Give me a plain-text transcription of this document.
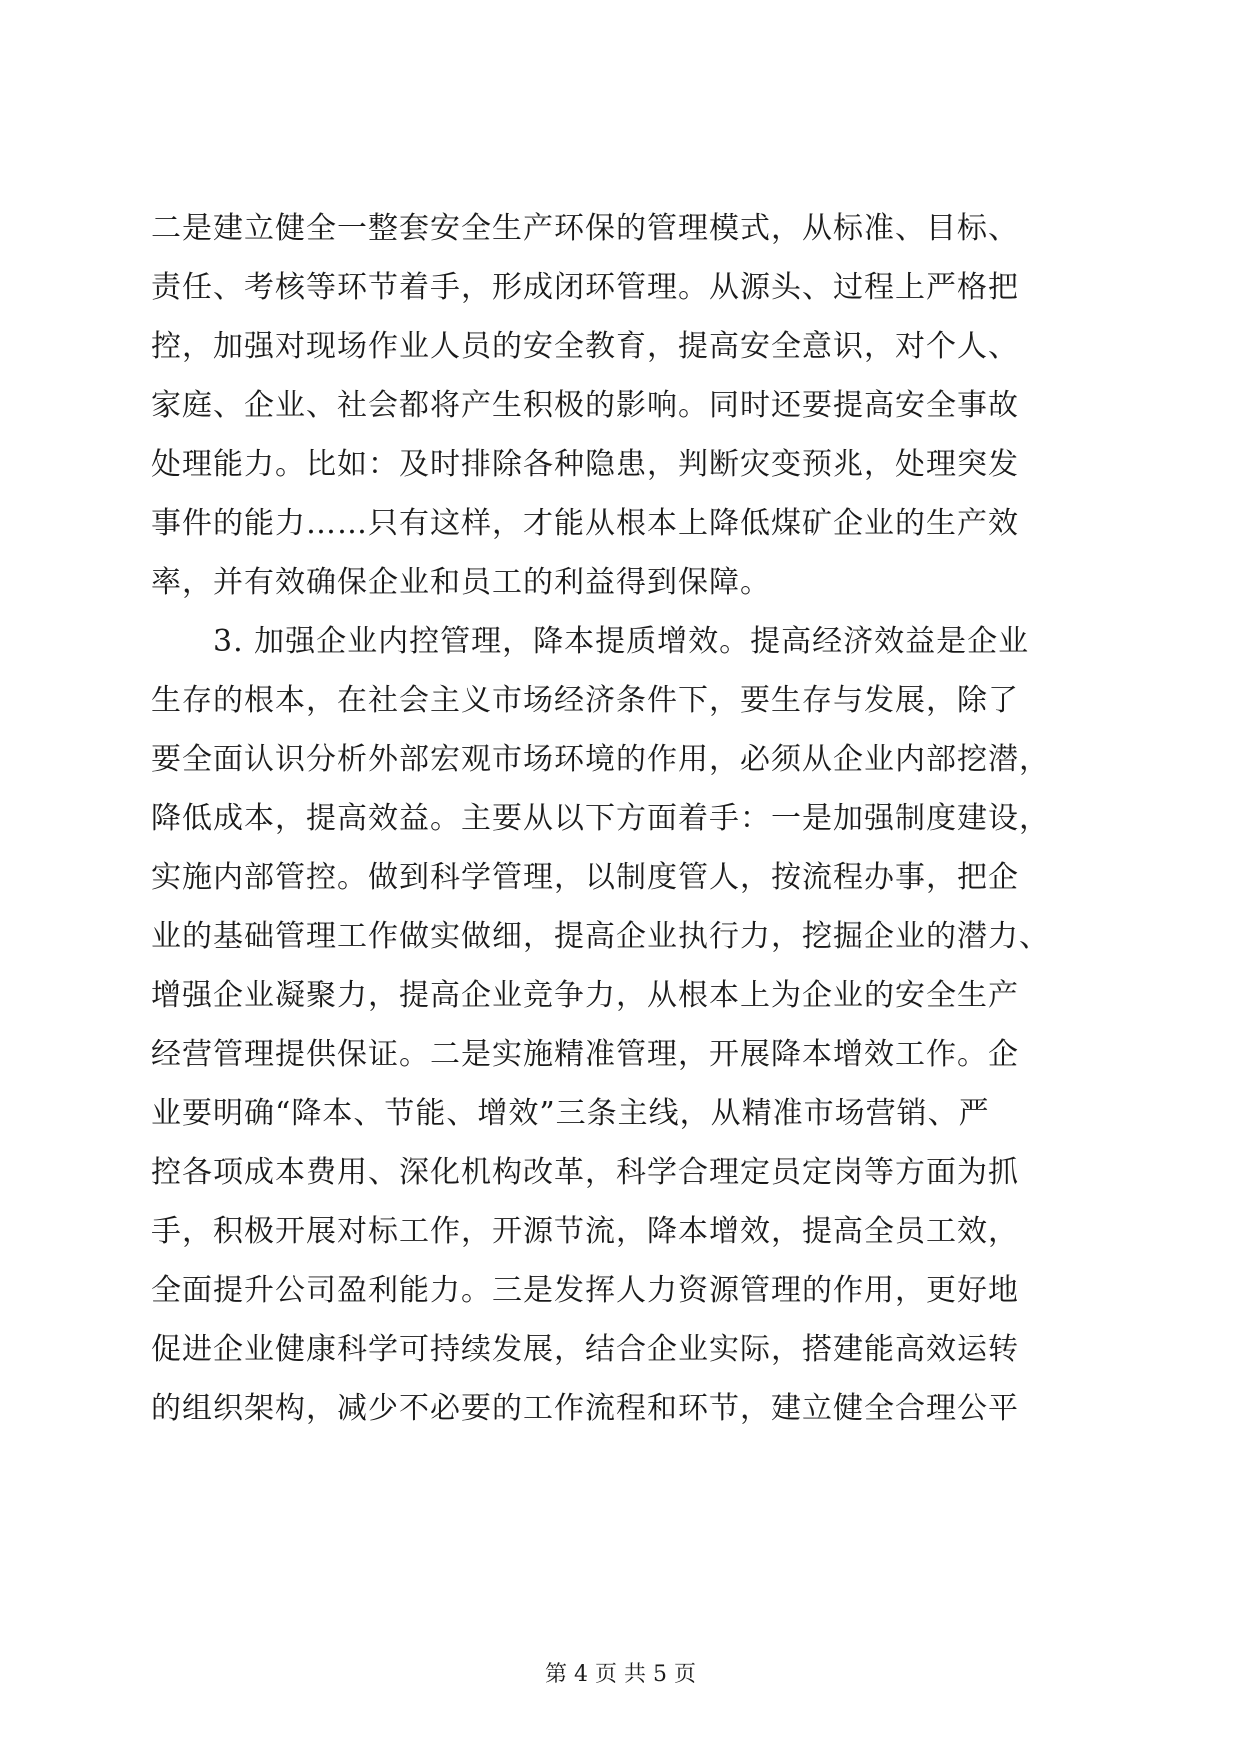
二是建立健全一整套安全生产环保的管理模式，从标准、目标、
责任、考核等环节着手，形成闭环管理。从源头、过程上严格把
控，加强对现场作业人员的安全教育，提高安全意识，对个人、
家庭、企业、社会都将产生积极的影响。同时还要提高安全事故
处理能力。比如：及时排除各种隐患，判断灾变预兆，处理突发
事件的能力……只有这样，才能从根本上降低煤矿企业的生产效
率，并有效确保企业和员工的利益得到保障。
　　3. 加强企业内控管理，降本提质增效。提高经济效益是企业
生存的根本，在社会主义市场经济条件下，要生存与发展，除了
要全面认识分析外部宏观市场环境的作用，必须从企业内部挖潜，
降低成本，提高效益。主要从以下方面着手：一是加强制度建设，
实施内部管控。做到科学管理，以制度管人，按流程办事，把企
业的基础管理工作做实做细，提高企业执行力，挖掘企业的潜力、
增强企业凝聚力，提高企业竞争力，从根本上为企业的安全生产
经营管理提供保证。二是实施精准管理，开展降本增效工作。企
业要明确“降本、节能、增效”三条主线，从精准市场营销、严
控各项成本费用、深化机构改革，科学合理定员定岗等方面为抓
手，积极开展对标工作，开源节流，降本增效，提高全员工效，
全面提升公司盈利能力。三是发挥人力资源管理的作用，更好地
促进企业健康科学可持续发展，结合企业实际，搭建能高效运转
的组织架构，减少不必要的工作流程和环节，建立健全合理公平
第 4 页 共 5 页
